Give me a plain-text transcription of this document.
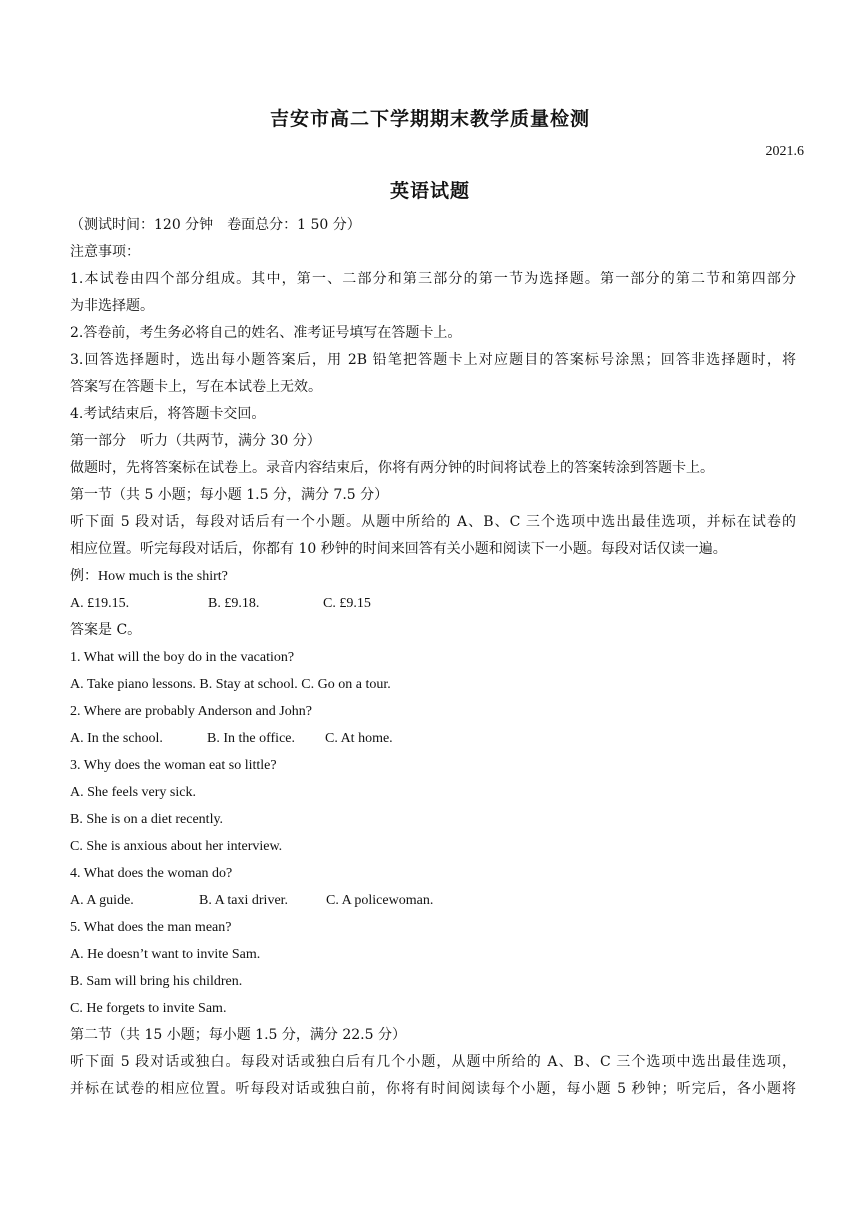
吉安市高二下学期期末教学质量检测
2021.6
英语试题
（测试时间：120 分钟　卷面总分：1 50 分）
注意事项：
1.本试卷由四个部分组成。其中，第一、二部分和第三部分的第一节为选择题。第一部分的第二节和第四部分
为非选择题。
2.答卷前，考生务必将自己的姓名、准考证号填写在答题卡上。
3.回答选择题时，选出每小题答案后，用 2B 铅笔把答题卡上对应题目的答案标号涂黑；回答非选择题时，将
答案写在答题卡上，写在本试卷上无效。
4.考试结束后，将答题卡交回。
第一部分　听力（共两节，满分 30 分）
做题时，先将答案标在试卷上。录音内容结束后，你将有两分钟的时间将试卷上的答案转涂到答题卡上。
第一节（共 5 小题；每小题 1.5 分，满分 7.5 分）
听下面 5 段对话，每段对话后有一个小题。从题中所给的 A、B、C 三个选项中选出最佳选项，并标在试卷的
相应位置。听完每段对话后，你都有 10 秒钟的时间来回答有关小题和阅读下一小题。每段对话仅读一遍。
例：How much is the shirt?
A. £19.15.	B. £9.18.	C. £9.15
答案是 C。
1. What will the boy do in the vacation?
A. Take piano lessons. B. Stay at school. C. Go on a tour.
2. Where are probably Anderson and John?
A. In the school.	B. In the office. C. At home.
3. Why does the woman eat so little?
A. She feels very sick.
B. She is on a diet recently.
C. She is anxious about her interview.
4. What does the woman do?
A. A guide.	B. A taxi driver.	C. A policewoman.
5. What does the man mean?
A. He doesn’t want to invite Sam.
B. Sam will bring his children.
C. He forgets to invite Sam.
第二节（共 15 小题；每小题 1.5 分，满分 22.5 分）
听下面 5 段对话或独白。每段对话或独白后有几个小题，从题中所给的 A、B、C 三个选项中选出最佳选项，
并标在试卷的相应位置。听每段对话或独白前，你将有时间阅读每个小题，每小题 5 秒钟；听完后，各小题将
